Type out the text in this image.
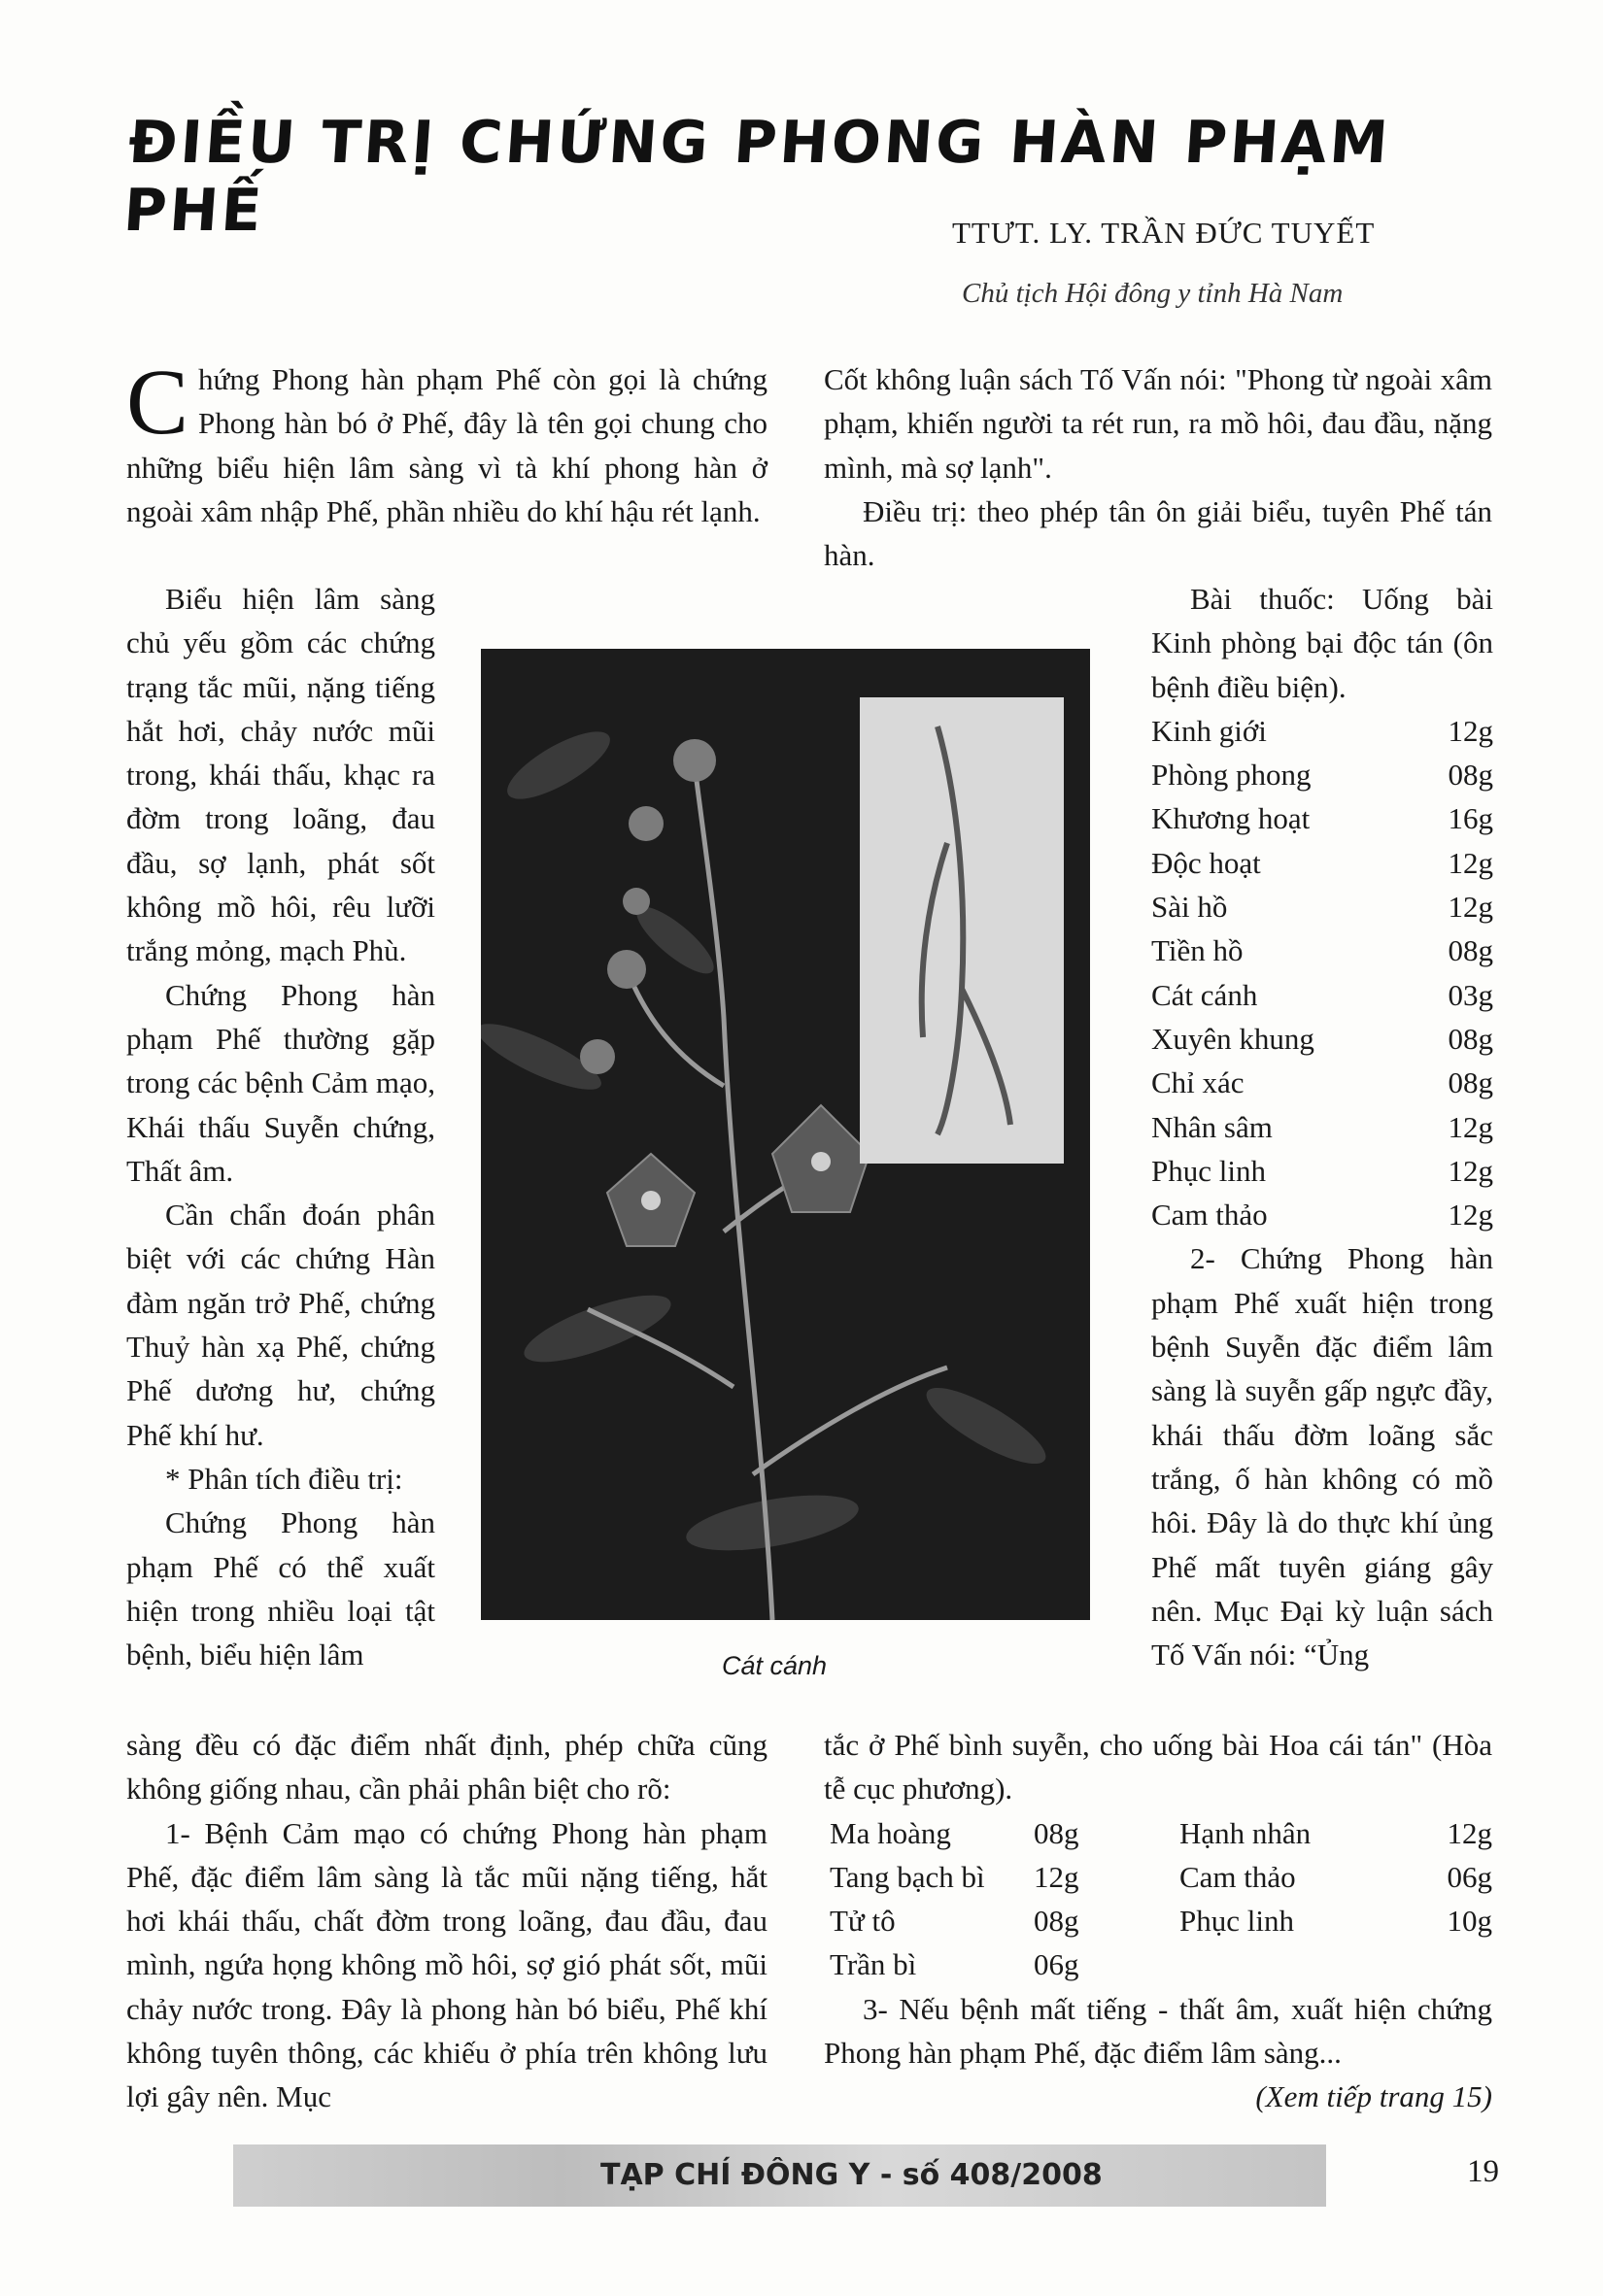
ĐIỀU TRỊ CHỨNG PHONG HÀN PHẠM PHẾ	TTƯT. LY. TRẦN ĐỨC TUYẾT
Chủ tịch Hội đông y tỉnh Hà Nam

Chứng Phong hàn phạm Phế còn gọi là chứng Phong hàn bó ở Phế, đây là tên gọi chung cho những biểu hiện lâm sàng vì tà khí phong hàn ở ngoài xâm nhập Phế, phần nhiều do khí hậu rét lạnh.

Biểu hiện lâm sàng chủ yếu gồm các chứng trạng tắc mũi, nặng tiếng hắt hơi, chảy nước mũi trong, khái thấu, khạc ra đờm trong loãng, đau đầu, sợ lạnh, phát sốt không mồ hôi, rêu lưỡi trắng mỏng, mạch Phù.

Chứng Phong hàn phạm Phế thường gặp trong các bệnh Cảm mạo, Khái thấu Suyễn chứng, Thất âm.

Cần chẩn đoán phân biệt với các chứng Hàn đàm ngăn trở Phế, chứng Thuỷ hàn xạ Phế, chứng Phế dương hư, chứng Phế khí hư.

* Phân tích điều trị:

Chứng Phong hàn phạm Phế có thể xuất hiện trong nhiều loại tật bệnh, biểu hiện lâm

sàng đều có đặc điểm nhất định, phép chữa cũng không giống nhau, cần phải phân biệt cho rõ:

1- Bệnh Cảm mạo có chứng Phong hàn phạm Phế, đặc điểm lâm sàng là tắc mũi nặng tiếng, hắt hơi khái thấu, chất đờm trong loãng, đau đầu, đau mình, ngứa họng không mồ hôi, sợ gió phát sốt, mũi chảy nước trong. Đây là phong hàn bó biểu, Phế khí không tuyên thông, các khiếu ở phía trên không lưu lợi gây nên. Mục

Cát cánh

Cốt không luận sách Tố Vấn nói: "Phong từ ngoài xâm phạm, khiến người ta rét run, ra mồ hôi, đau đầu, nặng mình, mà sợ lạnh".

Điều trị: theo phép tân ôn giải biểu, tuyên Phế tán hàn.

Bài thuốc: Uống bài Kinh phòng bại độc tán (ôn bệnh điều biện).

Kinh giới	12g
Phòng phong	08g
Khương hoạt	16g
Độc hoạt	12g
Sài hồ	12g
Tiền hồ	08g
Cát cánh	03g
Xuyên khung	08g
Chỉ xác	08g
Nhân sâm	12g
Phục linh	12g
Cam thảo	12g

2- Chứng Phong hàn phạm Phế xuất hiện trong bệnh Suyễn đặc điểm lâm sàng là suyễn gấp ngực đầy, khái thấu đờm loãng sắc trắng, ố hàn không có mồ hôi. Đây là do thực khí ủng Phế mất tuyên giáng gây nên. Mục Đại kỳ luận sách Tố Vấn nói: “Ủng

tắc ở Phế bình suyễn, cho uống bài Hoa cái tán" (Hòa tễ cục phương).

Ma hoàng	08g	Hạnh nhân	12g
Tang bạch bì	12g	Cam thảo	06g
Tử tô	08g	Phục linh	10g
Trần bì	06g

3- Nếu bệnh mất tiếng - thất âm, xuất hiện chứng Phong hàn phạm Phế, đặc điểm lâm sàng...

(Xem tiếp trang 15)

TẠP CHÍ ĐÔNG Y - số 408/2008	19
